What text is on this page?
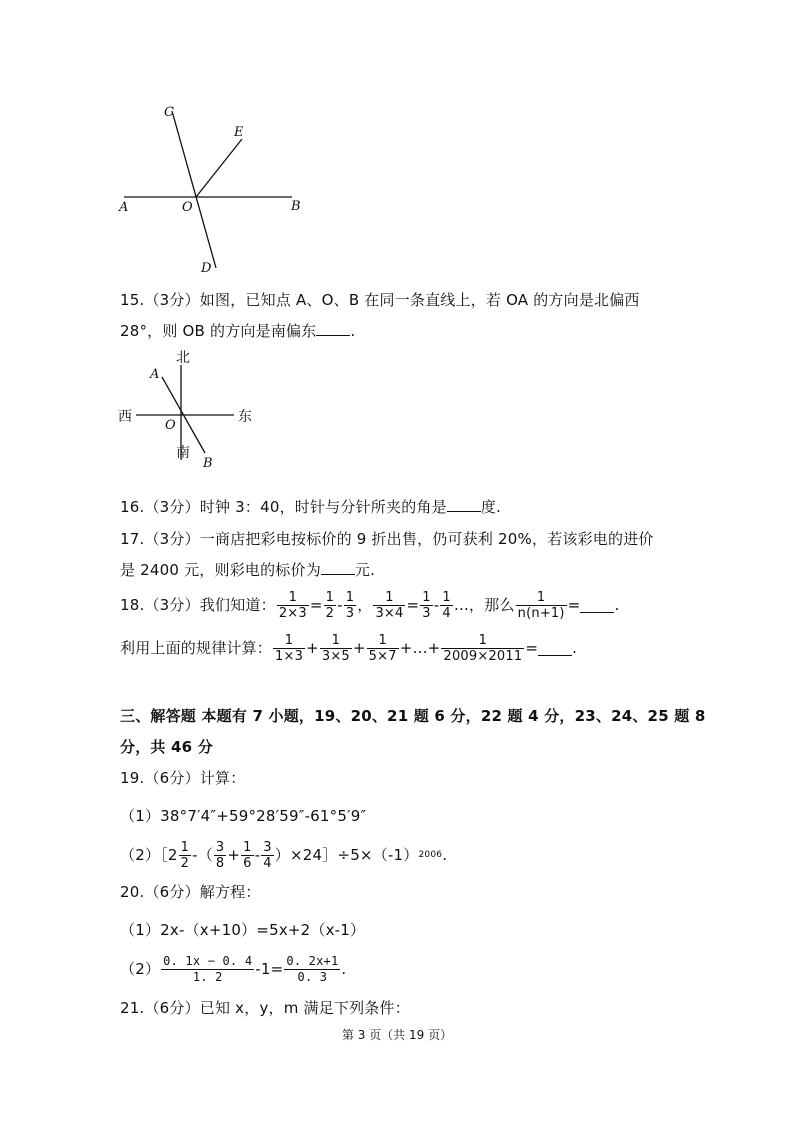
C
E
A	O	B
D
15.（3分）如图，已知点 A、O、B 在同一条直线上，若 OA 的方向是北偏西
28°，则 OB 的方向是南偏东 .
北
南
西	东
A
O
B
16.（3分）时钟 3：40，时针与分针所夹的角是 度.
17.（3分）一商店把彩电按标价的 9 折出售，仍可获利 20%，若该彩电的进价
是 2400 元，则彩电的标价为 元.
18.（3分）我们知道： $\frac{1}{2\times 3} = \frac{1}{2} - \frac{1}{3}$ ， $\frac{1}{3\times 4} = \frac{1}{3} - \frac{1}{4}$ …，那么 $\frac{1}{n(n+1)}$ = .
利用上面的规律计算： $\frac{1}{1\times 3} + \frac{1}{3\times 5} + \frac{1}{5\times 7}$ +…+ $\frac{1}{2009\times 2011}$ = .
三、解答题 本题有 7 小题，19、20、21 题 6 分，22 题 4 分，23、24、25 题 8
分，共 46 分
19.（6分）计算：
（1）38°7′4″+59°28′59″-61°5′9″
（2）［2 $\frac{1}{2}$ -（ $\frac{3}{8} + \frac{1}{6} - \frac{3}{4}$ ）×24］÷5×（-1） 2006 .
20.（6分）解方程：
（1）2x-（x+10）=5x+2（x-1）
$(2) \frac{0. 1x - 0. 4}{1. 2} -1= \frac{0. 2x+1}{0. 3}$ .
21.（6分）已知 x，y，m 满足下列条件：
第 3 页（共 19 页）
